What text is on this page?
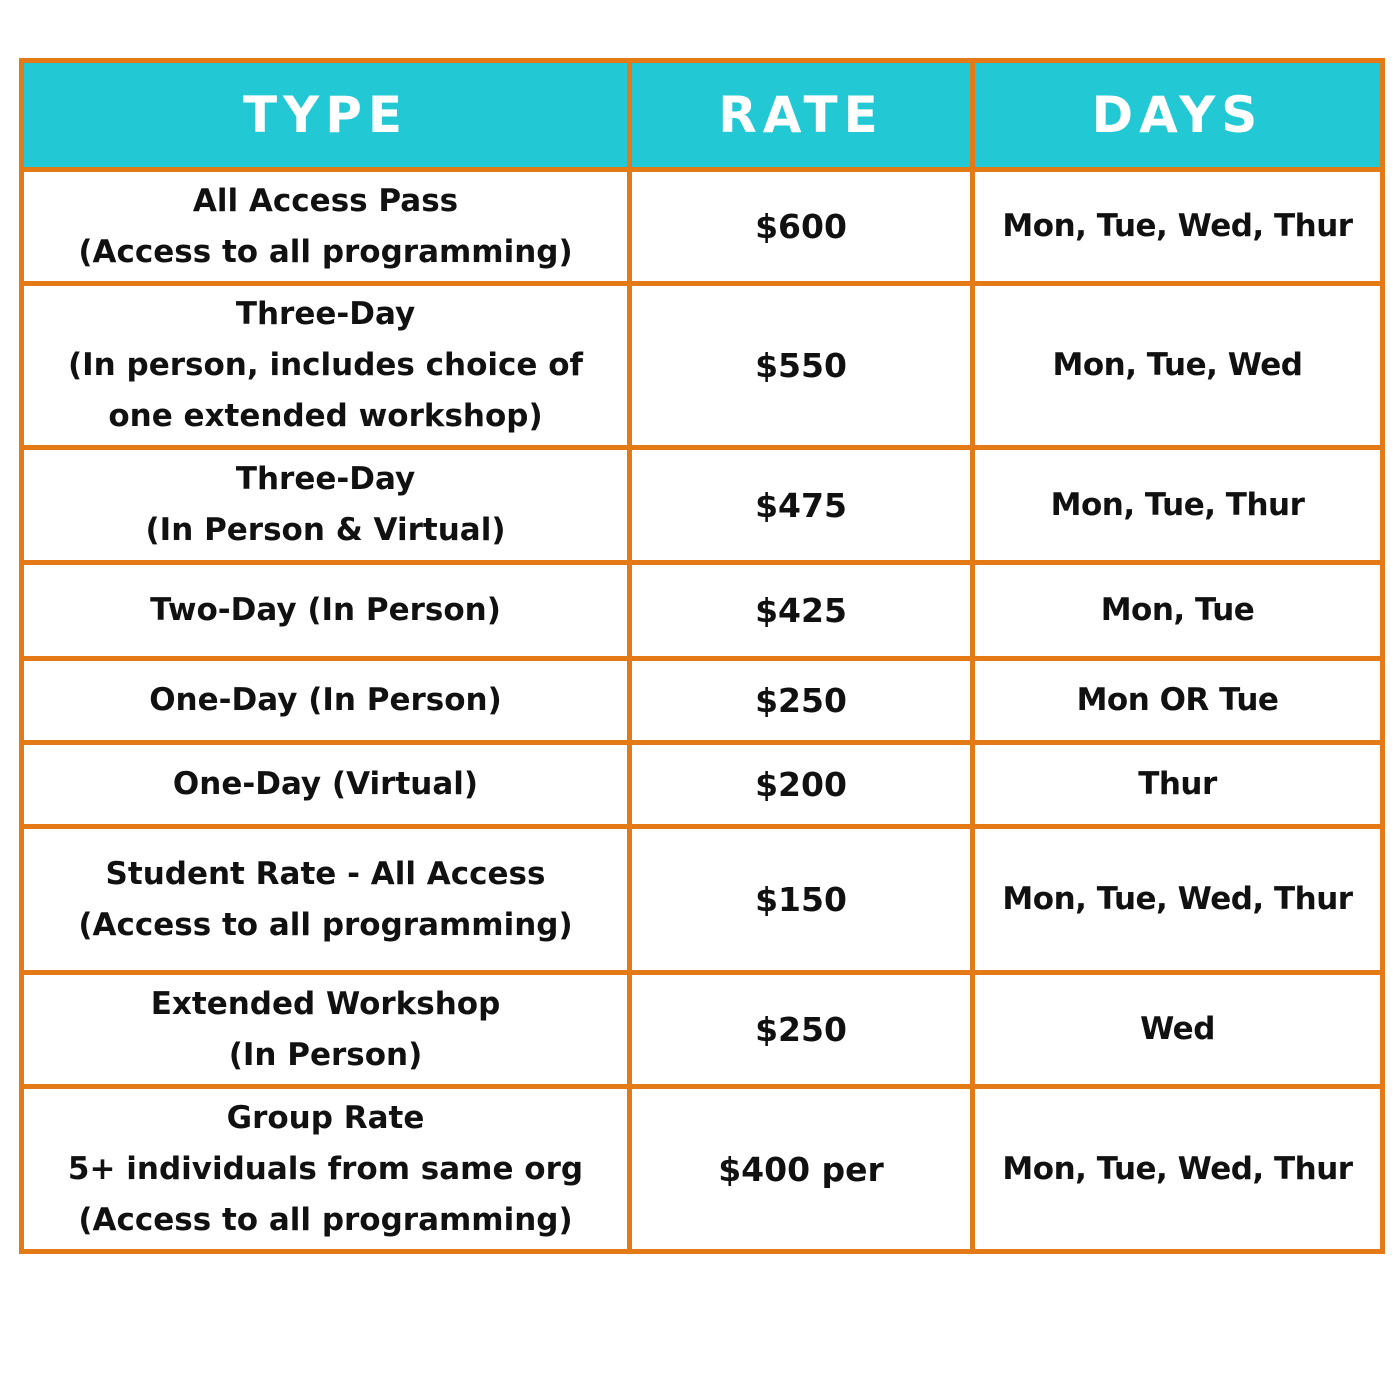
TYPE	RATE	DAYS
All Access Pass
(Access to all programming)	$600	Mon, Tue, Wed, Thur
Three-Day
(In person, includes choice of
one extended workshop)	$550	Mon, Tue, Wed
Three-Day
(In Person & Virtual)	$475	Mon, Tue, Thur
Two-Day (In Person)	$425	Mon, Tue
One-Day (In Person)	$250	Mon OR Tue
One-Day (Virtual)	$200	Thur
Student Rate - All Access
(Access to all programming)	$150	Mon, Tue, Wed, Thur
Extended Workshop
(In Person)	$250	Wed
Group Rate
5+ individuals from same org
(Access to all programming)	$400 per	Mon, Tue, Wed, Thur
